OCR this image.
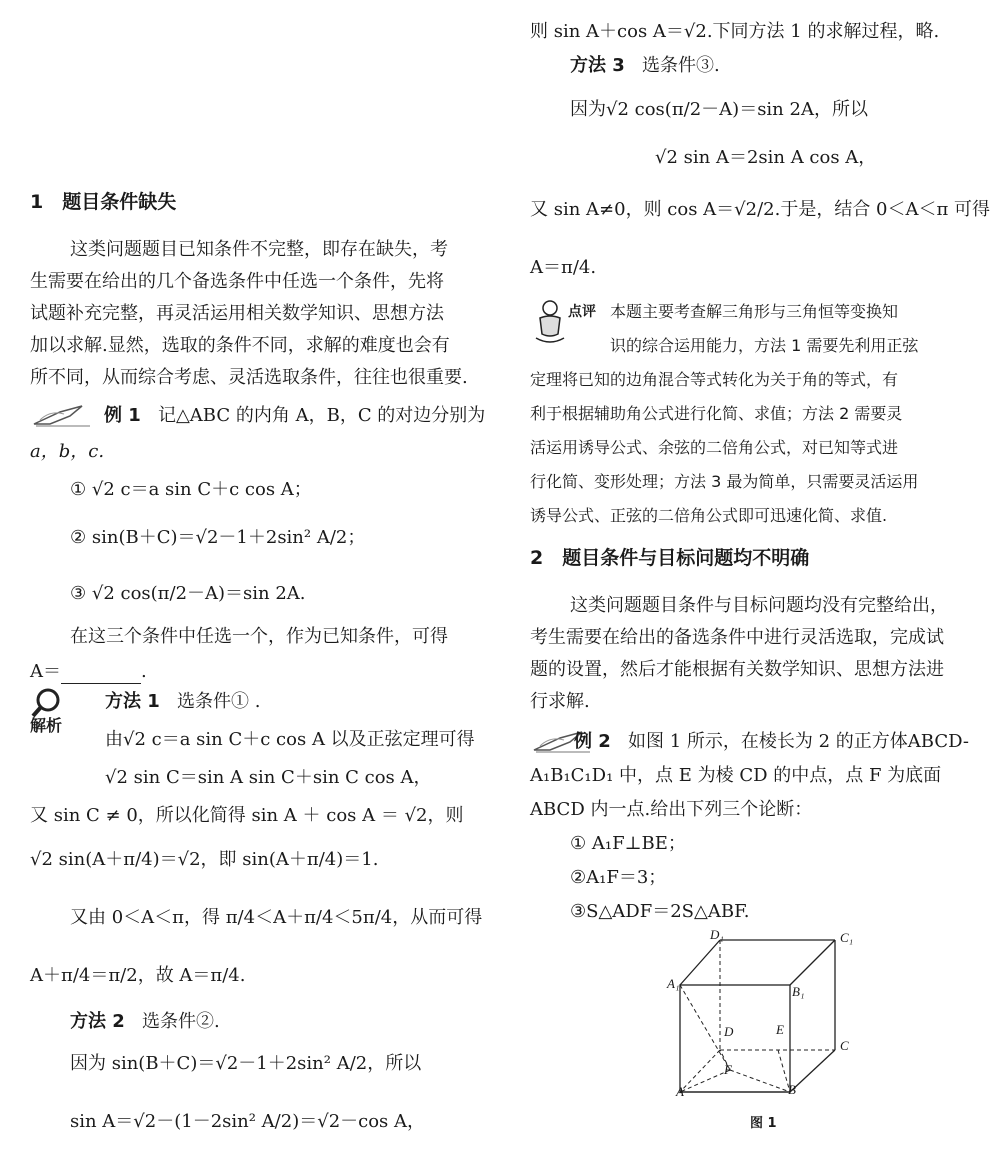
1　题目条件缺失
这类问题题目已知条件不完整，即存在缺失，考
生需要在给出的几个备选条件中任选一个条件，先将
试题补充完整，再灵活运用相关数学知识、思想方法
加以求解.显然，选取的条件不同，求解的难度也会有
所不同，从而综合考虑、灵活选取条件，往往也很重要.
例 1 记△ABC 的内角 A，B，C 的对边分别为
a，b，c.
① √2 c＝a sin C＋c cos A；
② sin(B＋C)＝√2－1＋2sin² A/2；
③ √2 cos(π/2－A)＝sin 2A.
在这三个条件中任选一个，作为已知条件，可得
A＝	.
解析
方法 1 选条件① .
由√2 c＝a sin C＋c cos A 以及正弦定理可得
√2 sin C＝sin A sin C＋sin C cos A，
又 sin C ≠ 0，所以化简得 sin A ＋ cos A ＝ √2，则
√2 sin(A＋π/4)＝√2，即 sin(A＋π/4)＝1.
又由 0＜A＜π，得 π/4＜A＋π/4＜5π/4，从而可得
A＋π/4＝π/2，故 A＝π/4.
方法 2 选条件②.
因为 sin(B＋C)＝√2－1＋2sin² A/2，所以
sin A＝√2－(1－2sin² A/2)＝√2－cos A，
则 sin A＋cos A＝√2.下同方法 1 的求解过程，略.
方法 3 选条件③.
因为√2 cos(π/2－A)＝sin 2A，所以
√2 sin A＝2sin A cos A，
又 sin A≠0，则 cos A＝√2/2.于是，结合 0＜A＜π 可得
A＝π/4.
点评 本题主要考查解三角形与三角恒等变换知
识的综合运用能力，方法 1 需要先利用正弦
定理将已知的边角混合等式转化为关于角的等式，有
利于根据辅助角公式进行化简、求值；方法 2 需要灵
活运用诱导公式、余弦的二倍角公式，对已知等式进
行化简、变形处理；方法 3 最为简单，只需要灵活运用
诱导公式、正弦的二倍角公式即可迅速化简、求值.
2　题目条件与目标问题均不明确
这类问题题目条件与目标问题均没有完整给出，
考生需要在给出的备选条件中进行灵活选取，完成试
题的设置，然后才能根据有关数学知识、思想方法进
行求解.
例 2 如图 1 所示，在棱长为 2 的正方体ABCD-
A₁B₁C₁D₁ 中，点 E 为棱 CD 的中点，点 F 为底面
ABCD 内一点.给出下列三个论断：
① A₁F⊥BE；
②A₁F＝3；
③S△ADF＝2S△ABF.
D₁	C₁
A₁
B₁
D	E
C
F
A	B
图 1
